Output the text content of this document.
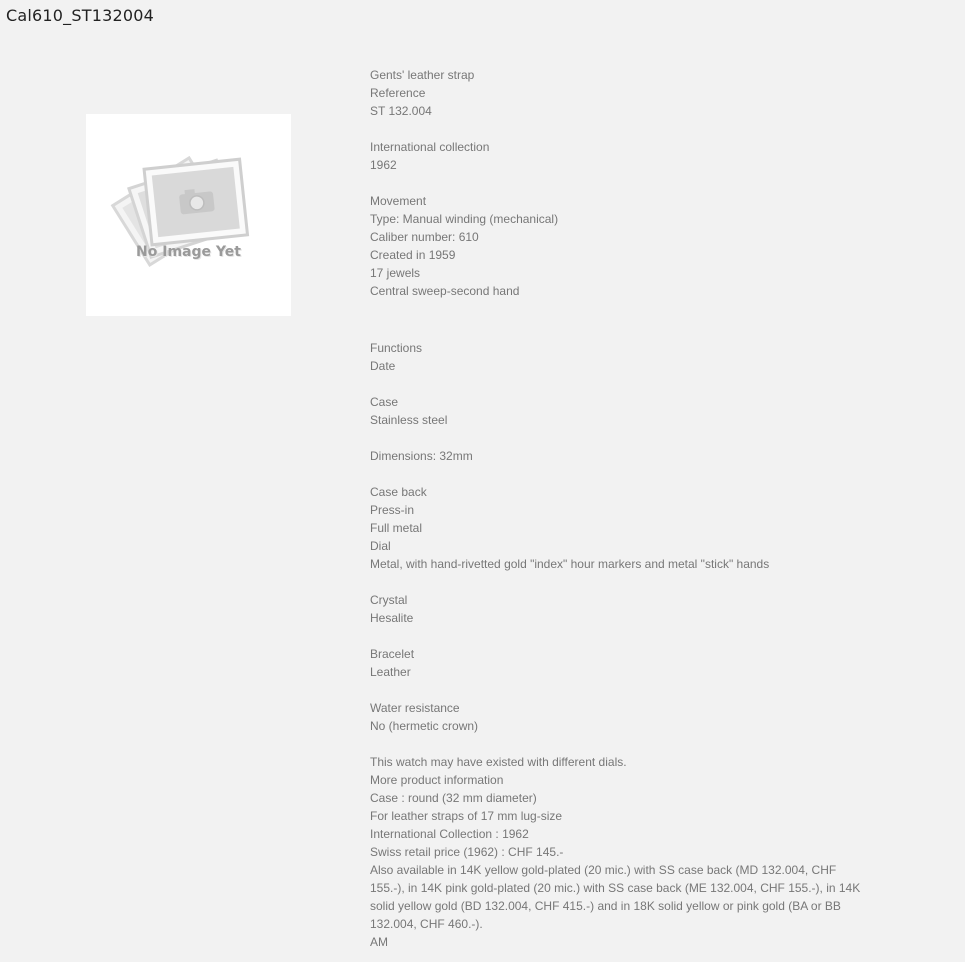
Cal610_ST132004
No Image Yet
Gents' leather strap
Reference
ST 132.004
International collection
1962
Movement
Type: Manual winding (mechanical)
Caliber number: 610
Created in 1959
17 jewels
Central sweep-second hand
Functions
Date
Case
Stainless steel
Dimensions: 32mm
Case back
Press-in
Full metal
Dial
Metal, with hand-rivetted gold "index" hour markers and metal "stick" hands
Crystal
Hesalite
Bracelet
Leather
Water resistance
No (hermetic crown)
This watch may have existed with different dials.
More product information
Case : round (32 mm diameter)
For leather straps of 17 mm lug-size
International Collection : 1962
Swiss retail price (1962) : CHF 145.-
Also available in 14K yellow gold-plated (20 mic.) with SS case back (MD 132.004, CHF 155.-), in 14K pink gold-plated (20 mic.) with SS case back (ME 132.004, CHF 155.-), in 14K solid yellow gold (BD 132.004, CHF 415.-) and in 18K solid yellow or pink gold (BA or BB 132.004, CHF 460.-).
AM
